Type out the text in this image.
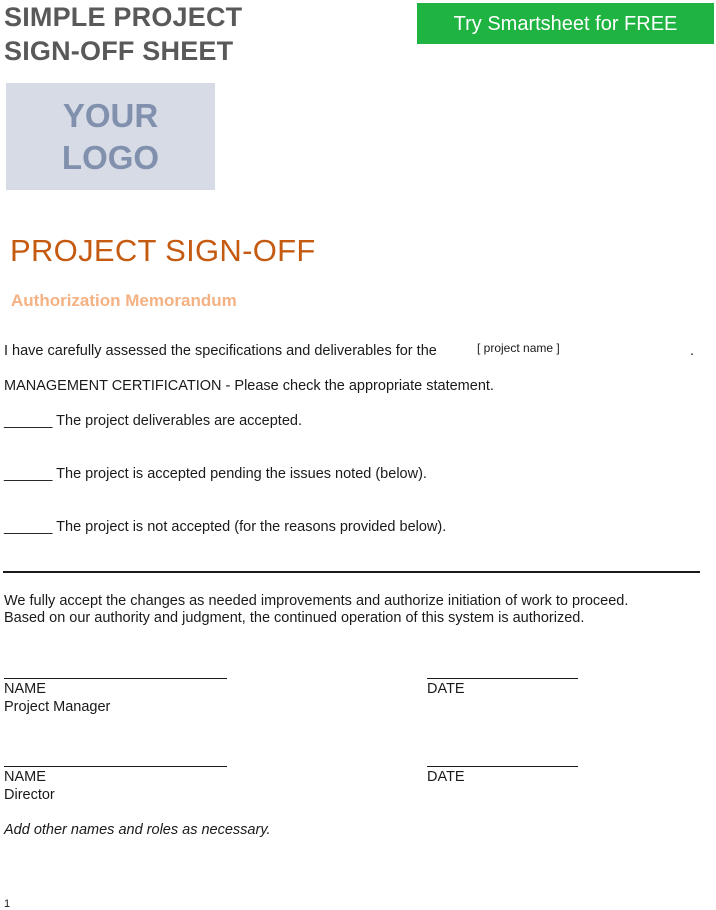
SIMPLE PROJECT
SIGN-OFF SHEET
Try Smartsheet for FREE
YOUR
LOGO
PROJECT SIGN-OFF
Authorization Memorandum
I have carefully assessed the specifications and deliverables for the	[ project name ]	.
MANAGEMENT CERTIFICATION - Please check the appropriate statement.
______ The project deliverables are accepted.
______ The project is accepted pending the issues noted (below).
______ The project is not accepted (for the reasons provided below).
We fully accept the changes as needed improvements and authorize initiation of work to proceed.
Based on our authority and judgment, the continued operation of this system is authorized.
NAME
Project Manager
DATE
NAME
Director
DATE
Add other names and roles as necessary.
1
